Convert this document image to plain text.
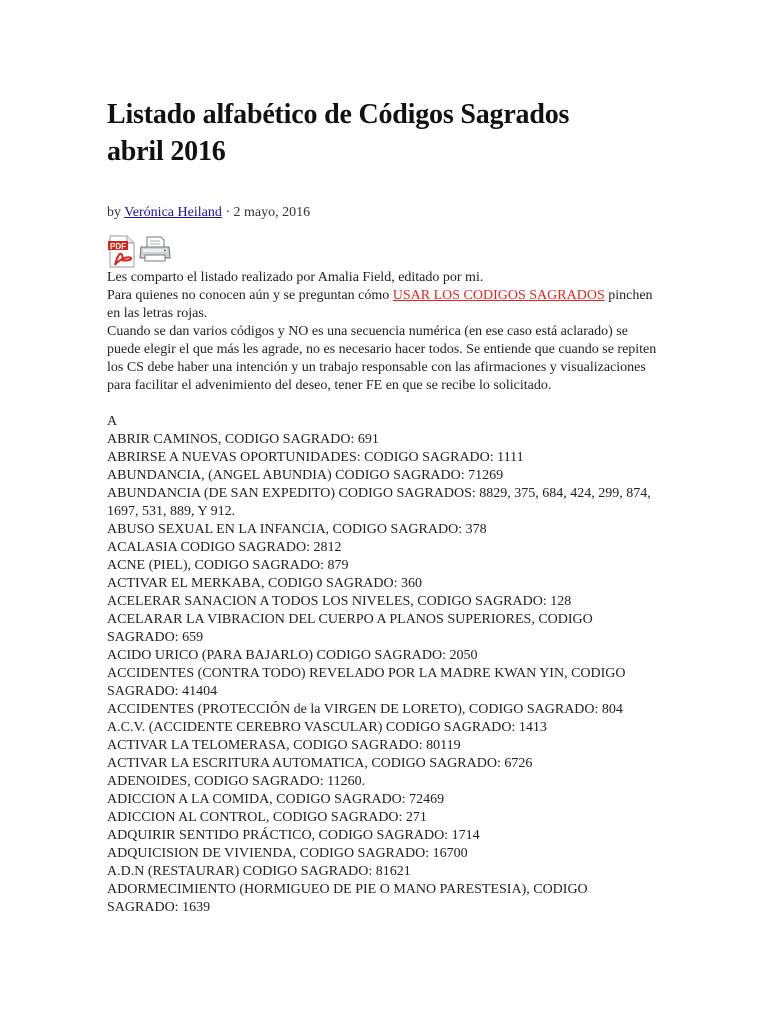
Listado alfabético de Códigos Sagrados
abril 2016
by Verónica Heiland · 2 mayo, 2016
PDF

Les comparto el listado realizado por Amalia Field, editado por mi.

Para quienes no conocen aún y se preguntan cómo USAR LOS CODIGOS SAGRADOS pinchen en las letras rojas.

Cuando se dan varios códigos y NO es una secuencia numérica (en ese caso está aclarado) se puede elegir el que más les agrade, no es necesario hacer todos. Se entiende que cuando se repiten los CS debe haber una intención y un trabajo responsable con las afirmaciones y visualizaciones para facilitar el advenimiento del deseo, tener FE en que se recibe lo solicitado.

A

ABRIR CAMINOS, CODIGO SAGRADO: 691

ABRIRSE A NUEVAS OPORTUNIDADES: CODIGO SAGRADO: 1111

ABUNDANCIA, (ANGEL ABUNDIA) CODIGO SAGRADO: 71269

ABUNDANCIA (DE SAN EXPEDITO) CODIGO SAGRADOS: 8829, 375, 684, 424, 299, 874, 1697, 531, 889, Y 912.

ABUSO SEXUAL EN LA INFANCIA, CODIGO SAGRADO: 378

ACALASIA CODIGO SAGRADO: 2812

ACNE (PIEL), CODIGO SAGRADO: 879

ACTIVAR EL MERKABA, CODIGO SAGRADO: 360

ACELERAR SANACION A TODOS LOS NIVELES, CODIGO SAGRADO: 128

ACELARAR LA VIBRACION DEL CUERPO A PLANOS SUPERIORES, CODIGO SAGRADO: 659

ACIDO URICO (PARA BAJARLO) CODIGO SAGRADO: 2050

ACCIDENTES (CONTRA TODO) REVELADO POR LA MADRE KWAN YIN, CODIGO SAGRADO: 41404

ACCIDENTES (PROTECCIÓN de la VIRGEN DE LORETO), CODIGO SAGRADO: 804

A.C.V. (ACCIDENTE CEREBRO VASCULAR) CODIGO SAGRADO: 1413

ACTIVAR LA TELOMERASA, CODIGO SAGRADO: 80119

ACTIVAR LA ESCRITURA AUTOMATICA, CODIGO SAGRADO: 6726

ADENOIDES, CODIGO SAGRADO: 11260.

ADICCION A LA COMIDA, CODIGO SAGRADO: 72469

ADICCION AL CONTROL, CODIGO SAGRADO: 271

ADQUIRIR SENTIDO PRÁCTICO, CODIGO SAGRADO: 1714

ADQUICISION DE VIVIENDA, CODIGO SAGRADO: 16700

A.D.N (RESTAURAR) CODIGO SAGRADO: 81621

ADORMECIMIENTO (HORMIGUEO DE PIE O MANO PARESTESIA), CODIGO SAGRADO: 1639
